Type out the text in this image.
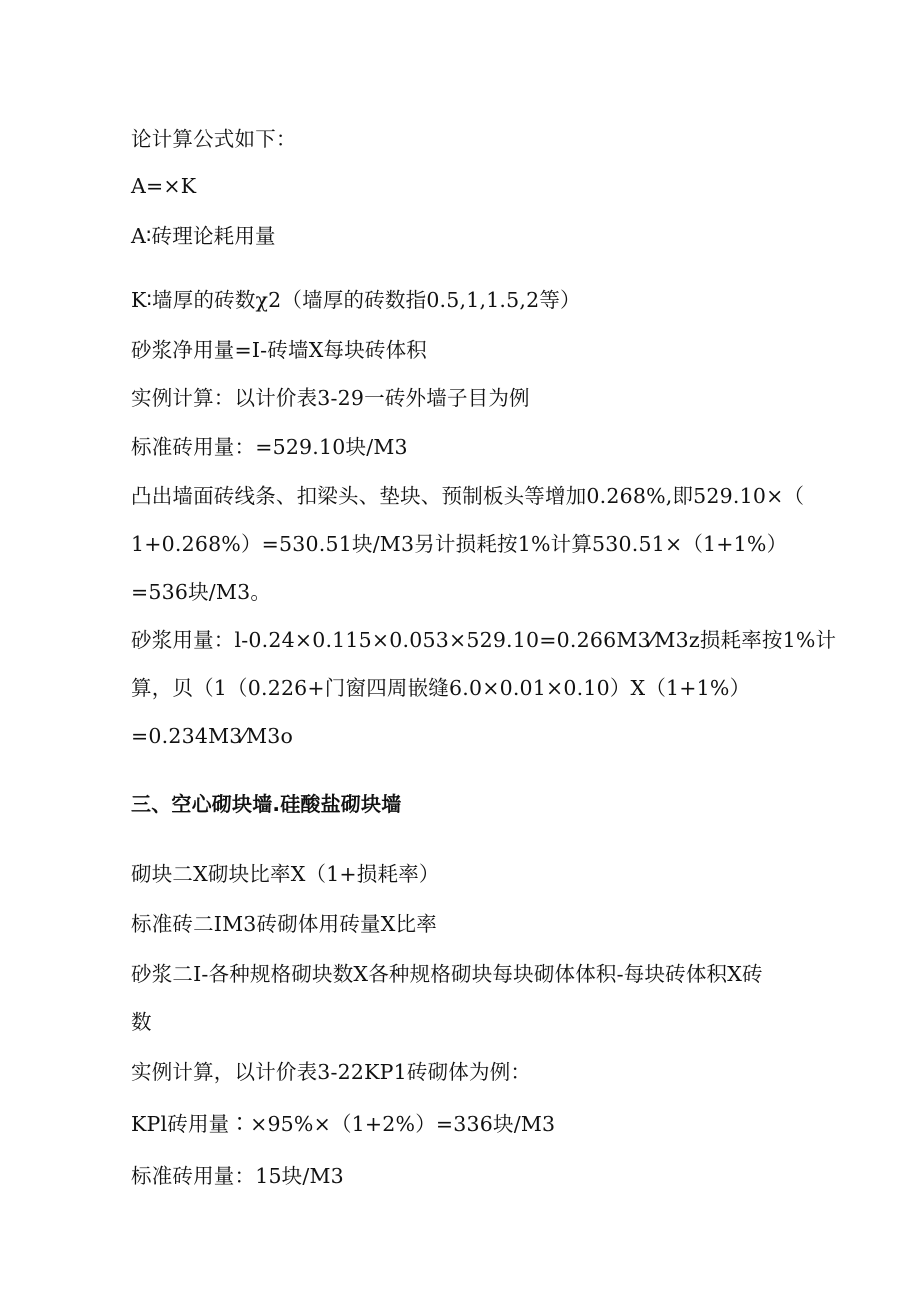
论计算公式如下：

A=×K

A∶砖理论耗用量

K∶墙厚的砖数χ2（墙厚的砖数指0.5,1,1.5,2等）

砂浆净用量=I-砖墙X每块砖体积

实例计算：以计价表3-29一砖外墙子目为例

标准砖用量：=529.10块/M3

凸出墙面砖线条、扣梁头、垫块、预制板头等增加0.268%,即529.10×（

1+0.268%）=530.51块/M3另计损耗按1%计算530.51×（1+1%）

=536块/M3。

砂浆用量：l-0.24×0.115×0.053×529.10=0.266M3⁄M3z损耗率按1%计

算，贝（1（0.226+门窗四周嵌缝6.0×0.01×0.10）X（1+1%）

=0.234M3⁄M3o

三、空心砌块墙.硅酸盐砌块墙

砌块二X砌块比率X（1+损耗率）

标准砖二IM3砖砌体用砖量X比率

砂浆二I-各种规格砌块数X各种规格砌块每块砌体体积-每块砖体积X砖

数

实例计算，以计价表3-22KP1砖砌体为例：

KPl砖用量∶×95%×（1+2%）=336块/M3

标准砖用量：15块/M3
